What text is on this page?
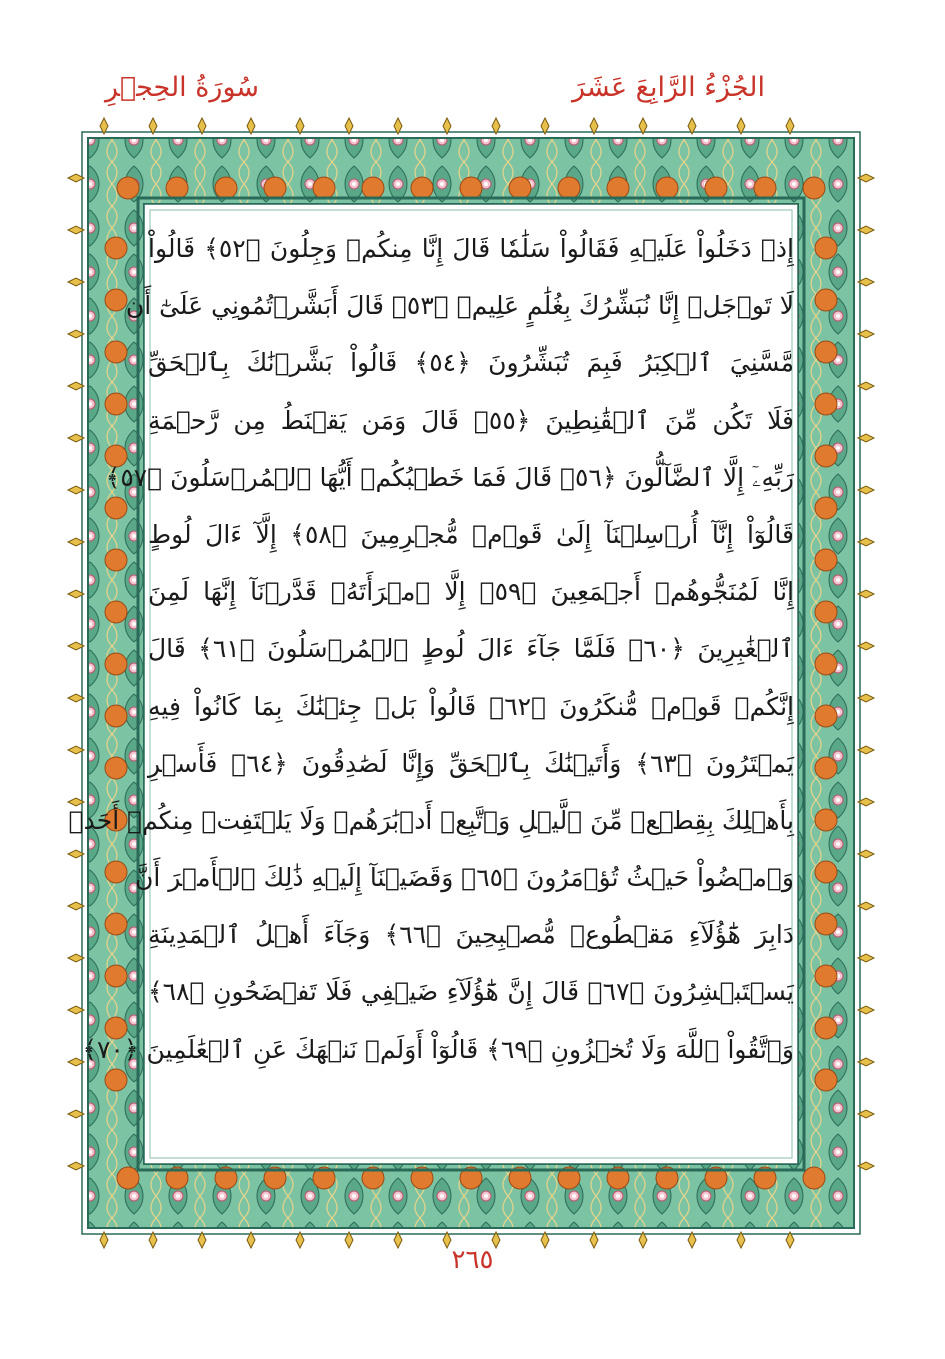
الجُزْءُ الرَّابِعَ عَشَرَ
سُورَةُ الحِجۡرِ
إِذۡ دَخَلُواْ عَلَيۡهِ فَقَالُواْ سَلَٰمٗا قَالَ إِنَّا مِنكُمۡ وَجِلُونَ ﴿٥٢﴾ قَالُواْ
لَا تَوۡجَلۡ إِنَّا نُبَشِّرُكَ بِغُلَٰمٍ عَلِيمٖ ﴿٥٣﴾ قَالَ أَبَشَّرۡتُمُونِي عَلَىٰٓ أَن
مَّسَّنِيَ ٱلۡكِبَرُ فَبِمَ تُبَشِّرُونَ ﴿٥٤﴾ قَالُواْ بَشَّرۡنَٰكَ بِٱلۡحَقِّ
فَلَا تَكُن مِّنَ ٱلۡقَٰنِطِينَ ﴿٥٥﴾ قَالَ وَمَن يَقۡنَطُ مِن رَّحۡمَةِ
رَبِّهِۦٓ إِلَّا ٱلضَّآلُّونَ ﴿٥٦﴾ قَالَ فَمَا خَطۡبُكُمۡ أَيُّهَا ٱلۡمُرۡسَلُونَ ﴿٥٧﴾
قَالُوٓاْ إِنَّآ أُرۡسِلۡنَآ إِلَىٰ قَوۡمٖ مُّجۡرِمِينَ ﴿٥٨﴾ إِلَّآ ءَالَ لُوطٍ
إِنَّا لَمُنَجُّوهُمۡ أَجۡمَعِينَ ﴿٥٩﴾ إِلَّا ٱمۡرَأَتَهُۥ قَدَّرۡنَآ إِنَّهَا لَمِنَ
ٱلۡغَٰبِرِينَ ﴿٦٠﴾ فَلَمَّا جَآءَ ءَالَ لُوطٍ ٱلۡمُرۡسَلُونَ ﴿٦١﴾ قَالَ
إِنَّكُمۡ قَوۡمٞ مُّنكَرُونَ ﴿٦٢﴾ قَالُواْ بَلۡ جِئۡنَٰكَ بِمَا كَانُواْ فِيهِ
يَمۡتَرُونَ ﴿٦٣﴾ وَأَتَيۡنَٰكَ بِٱلۡحَقِّ وَإِنَّا لَصَٰدِقُونَ ﴿٦٤﴾ فَأَسۡرِ
بِأَهۡلِكَ بِقِطۡعٖ مِّنَ ٱلَّيۡلِ وَٱتَّبِعۡ أَدۡبَٰرَهُمۡ وَلَا يَلۡتَفِتۡ مِنكُمۡ أَحَدٞ
وَٱمۡضُواْ حَيۡثُ تُؤۡمَرُونَ ﴿٦٥﴾ وَقَضَيۡنَآ إِلَيۡهِ ذَٰلِكَ ٱلۡأَمۡرَ أَنَّ
دَابِرَ هَٰٓؤُلَآءِ مَقۡطُوعٞ مُّصۡبِحِينَ ﴿٦٦﴾ وَجَآءَ أَهۡلُ ٱلۡمَدِينَةِ
يَسۡتَبۡشِرُونَ ﴿٦٧﴾ قَالَ إِنَّ هَٰٓؤُلَآءِ ضَيۡفِي فَلَا تَفۡضَحُونِ ﴿٦٨﴾
وَٱتَّقُواْ ٱللَّهَ وَلَا تُخۡزُونِ ﴿٦٩﴾ قَالُوٓاْ أَوَلَمۡ نَنۡهَكَ عَنِ ٱلۡعَٰلَمِينَ ﴿٧٠﴾
٢٦٥
